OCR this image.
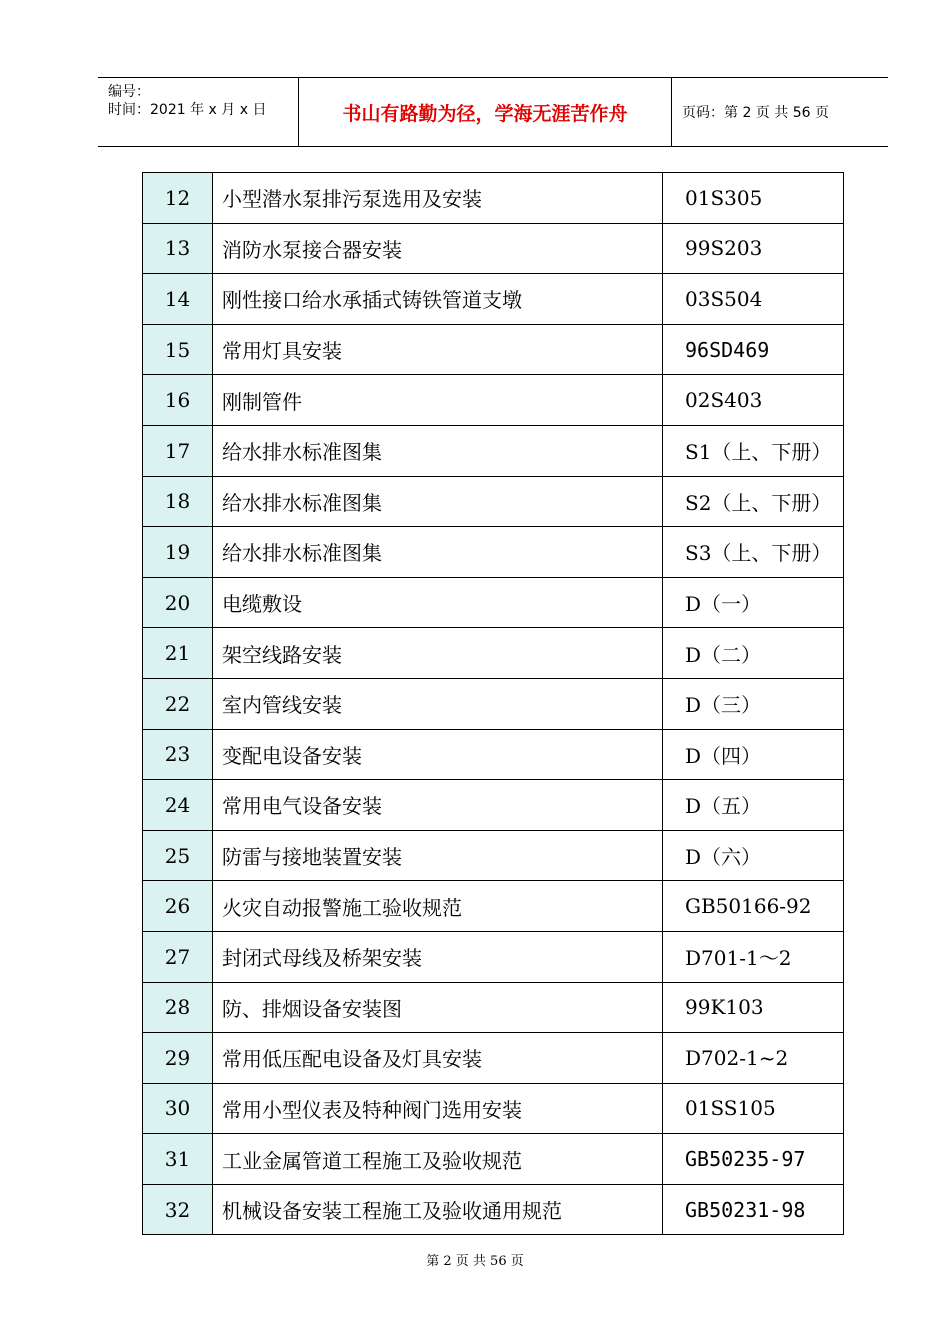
编号：
时间：2021 年 x 月 x 日	书山有路勤为径，学海无涯苦作舟	页码：第 2 页 共 56 页
12	小型潜水泵排污泵选用及安装	01S305
13	消防水泵接合器安装	99S203
14	刚性接口给水承插式铸铁管道支墩	03S504
15	常用灯具安装	96SD469
16	刚制管件	02S403
17	给水排水标准图集	S1（上、下册）
18	给水排水标准图集	S2（上、下册）
19	给水排水标准图集	S3（上、下册）
20	电缆敷设	D（一）
21	架空线路安装	D（二）
22	室内管线安装	D（三）
23	变配电设备安装	D（四）
24	常用电气设备安装	D（五）
25	防雷与接地装置安装	D（六）
26	火灾自动报警施工验收规范	GB50166-92
27	封闭式母线及桥架安装	D701-1～2
28	防、排烟设备安装图	99K103
29	常用低压配电设备及灯具安装	D702-1~2
30	常用小型仪表及特种阀门选用安装	01SS105
31	工业金属管道工程施工及验收规范	GB50235-97
32	机械设备安装工程施工及验收通用规范	GB50231-98
第 2 页 共 56 页
